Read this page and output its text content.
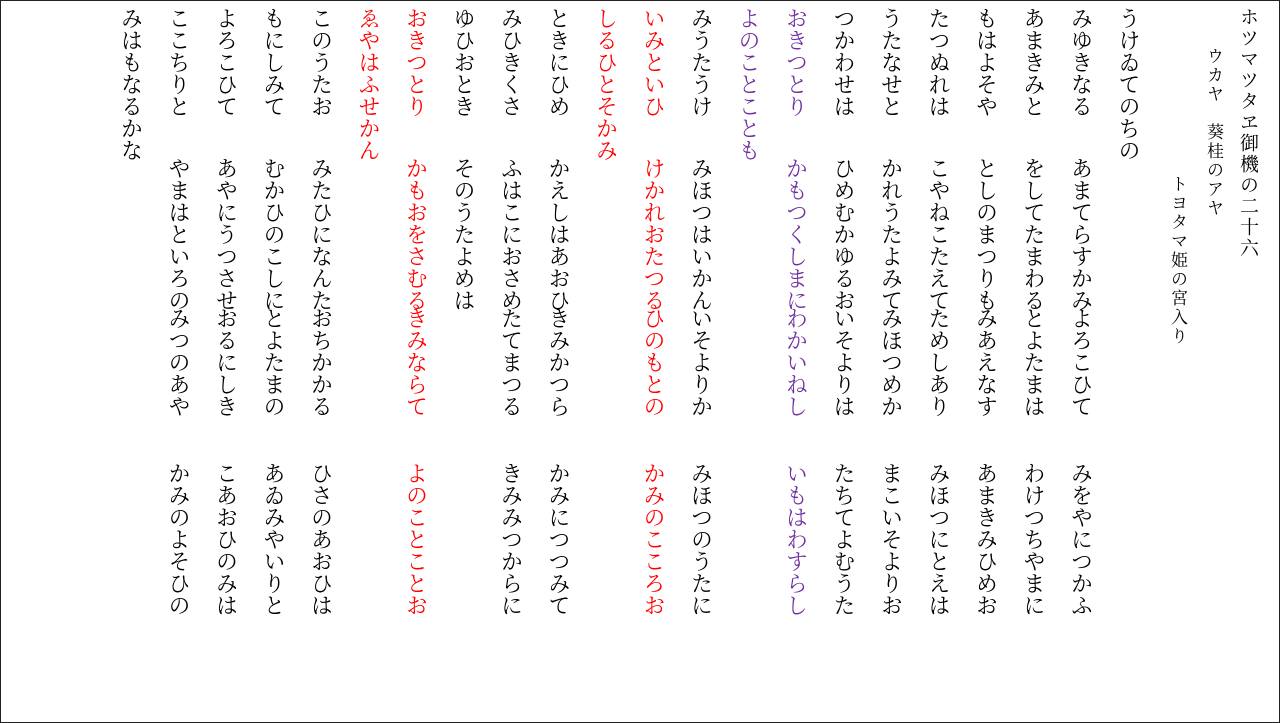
ホツマツタヱ御機の二十六
ウカヤ　葵桂のアヤ
トヨタマ姫の宮入り
うけゐてのちの
みゆきなる
あまてらすかみ
よろこひて
みをやにつかふ
あまきみと
をしてたまわる
とよたまは
わけつちやまに
もはよそや
としのまつりも
みあえなす
あまきみひめお
たつぬれは
こやねこたえて
ためしあり
みほつにとえは
うたなせと
かれうたよみて
みほつめか
まこいそよりお
つかわせは
ひめむかゆるお
いそよりは
たちてよむうた
おきつとり
かもつくしまに
わかいねし
いもはわすらし
よのことことも
みうたうけ
みほつはいかん
いそよりか
みほつのうたに
いみといひ
けかれおたつる
ひのもとの
かみのこころお
しるひとそかみ
ときにひめ
かえしはあおひ
きみかつら
かみにつつみて
みひきくさ
ふはこにおさめ
たてまつる
きみみつからに
ゆひおとき
そのうたよめは
おきつとり
かもおをさむる
きみならて
よのことことお
ゑやはふせかん
このうたお
みたひになんた
おちかかる
ひさのあおひは
もにしみて
むかひのこしに
とよたまの
あゐみやいりと
よろこひて
あやにうつさせ
おるにしき
こあおひのみは
ここちりと
やまはといろの
みつのあや
かみのよそひの
みはもなるかな
